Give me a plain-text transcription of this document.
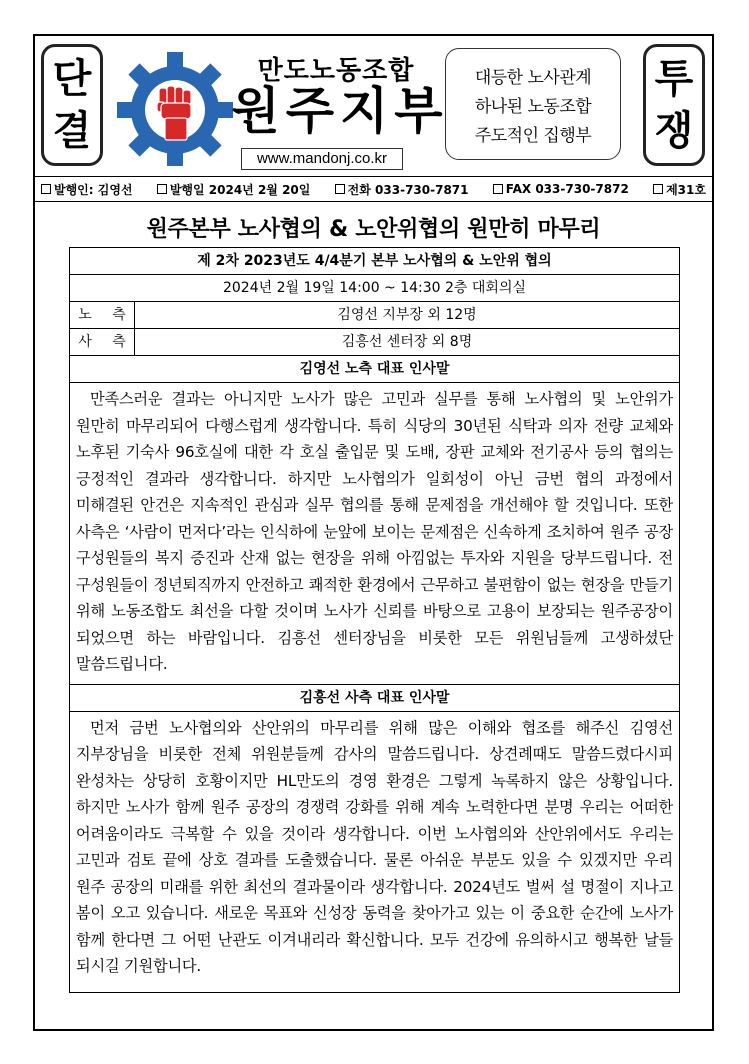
단
결
만도노동조합
원주지부
www.mandonj.co.kr
대등한 노사관계
하나된 노동조합
주도적인 집행부
투
쟁
발행인: 김영선	발행일 2024년 2월 20일	전화 033-730-7871	FAX 033-730-7872	제31호
원주본부 노사협의 & 노안위협의 원만히 마무리
제 2차 2023년도 4/4분기 본부 노사협의 & 노안위 협의
2024년 2월 19일 14:00 ~ 14:30 2층 대회의실
노 측	김영선 지부장 외 12명
사 측	김흥선 센터장 외 8명
김영선 노측 대표 인사말
만족스러운 결과는 아니지만 노사가 많은 고민과 실무를 통해 노사협의 및 노안위가 원만히 마무리되어 다행스럽게 생각합니다. 특히 식당의 30년된 식탁과 의자 전량 교체와 노후된 기숙사 96호실에 대한 각 호실 출입문 및 도배, 장판 교체와 전기공사 등의 협의는 긍정적인 결과라 생각합니다. 하지만 노사협의가 일회성이 아닌 금번 협의 과정에서 미해결된 안건은 지속적인 관심과 실무 협의를 통해 문제점을 개선해야 할 것입니다. 또한 사측은 ‘사람이 먼저다’라는 인식하에 눈앞에 보이는 문제점은 신속하게 조치하여 원주 공장 구성원들의 복지 증진과 산재 없는 현장을 위해 아낌없는 투자와 지원을 당부드립니다. 전 구성원들이 정년퇴직까지 안전하고 쾌적한 환경에서 근무하고 불편함이 없는 현장을 만들기 위해 노동조합도 최선을 다할 것이며 노사가 신뢰를 바탕으로 고용이 보장되는 원주공장이 되었으면 하는 바람입니다. 김흥선 센터장님을 비롯한 모든 위원님들께 고생하셨단 말씀드립니다.
김흥선 사측 대표 인사말
먼저 금번 노사협의와 산안위의 마무리를 위해 많은 이해와 협조를 해주신 김영선 지부장님을 비롯한 전체 위원분들께 감사의 말씀드립니다. 상견례때도 말씀드렸다시피 완성차는 상당히 호황이지만 HL만도의 경영 환경은 그렇게 녹록하지 않은 상황입니다. 하지만 노사가 함께 원주 공장의 경쟁력 강화를 위해 계속 노력한다면 분명 우리는 어떠한 어려움이라도 극복할 수 있을 것이라 생각합니다. 이번 노사협의와 산안위에서도 우리는 고민과 검토 끝에 상호 결과를 도출했습니다. 물론 아쉬운 부분도 있을 수 있겠지만 우리 원주 공장의 미래를 위한 최선의 결과물이라 생각합니다. 2024년도 벌써 설 명절이 지나고 봄이 오고 있습니다. 새로운 목표와 신성장 동력을 찾아가고 있는 이 중요한 순간에 노사가 함께 한다면 그 어떤 난관도 이겨내리라 확신합니다. 모두 건강에 유의하시고 행복한 날들 되시길 기원합니다.
